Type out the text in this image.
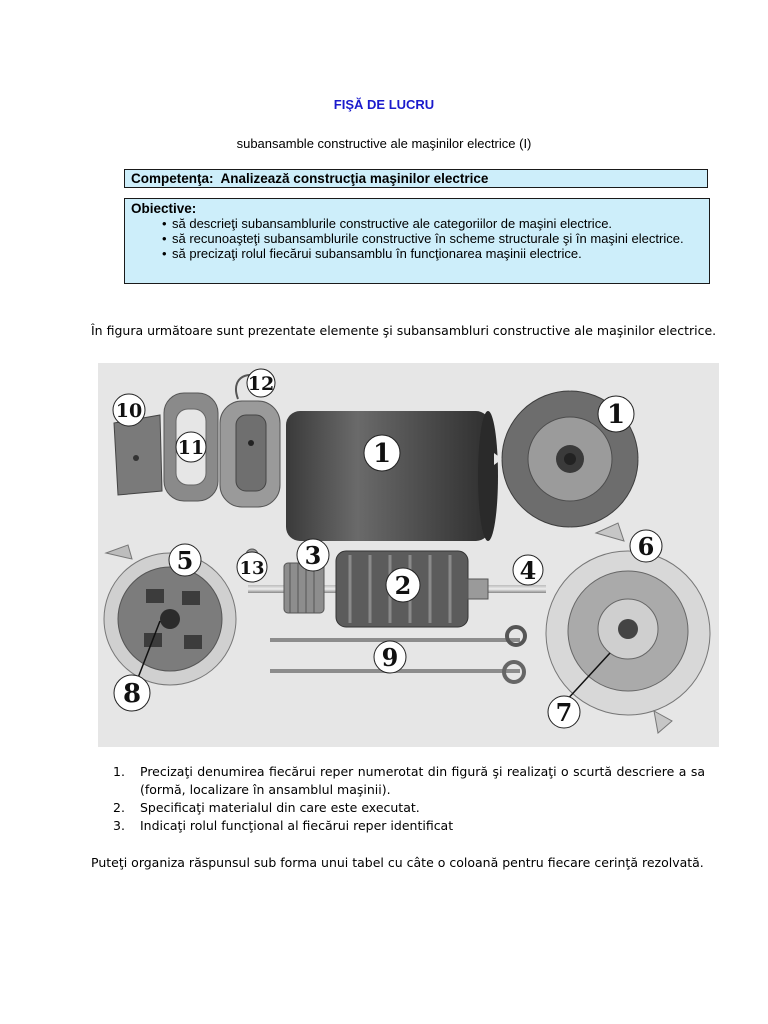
FIŞĂ DE LUCRU
subansamble constructive ale maşinilor electrice (I)
Competenţa: Analizează construcţia maşinilor electrice
Obiective:
• să descrieţi subansamblurile constructive ale categoriilor de maşini electrice.
• să recunoaşteţi subansamblurile constructive în scheme structurale şi în maşini electrice.
• să precizaţi rolul fiecărui subansamblu în funcţionarea maşinii electrice.
În figura următoare sunt prezentate elemente şi subansambluri constructive ale maşinilor electrice.
12
10
1
11
1
6
5	13 3
2
4
9
8
7
1. Precizaţi denumirea fiecărui reper numerotat din figură şi realizaţi o scurtă descriere a sa (formă, localizare în ansamblul maşinii).
2. Specificaţi materialul din care este executat.
3. Indicaţi rolul funcţional al fiecărui reper identificat
Puteţi organiza răspunsul sub forma unui tabel cu câte o coloană pentru fiecare cerinţă rezolvată.
